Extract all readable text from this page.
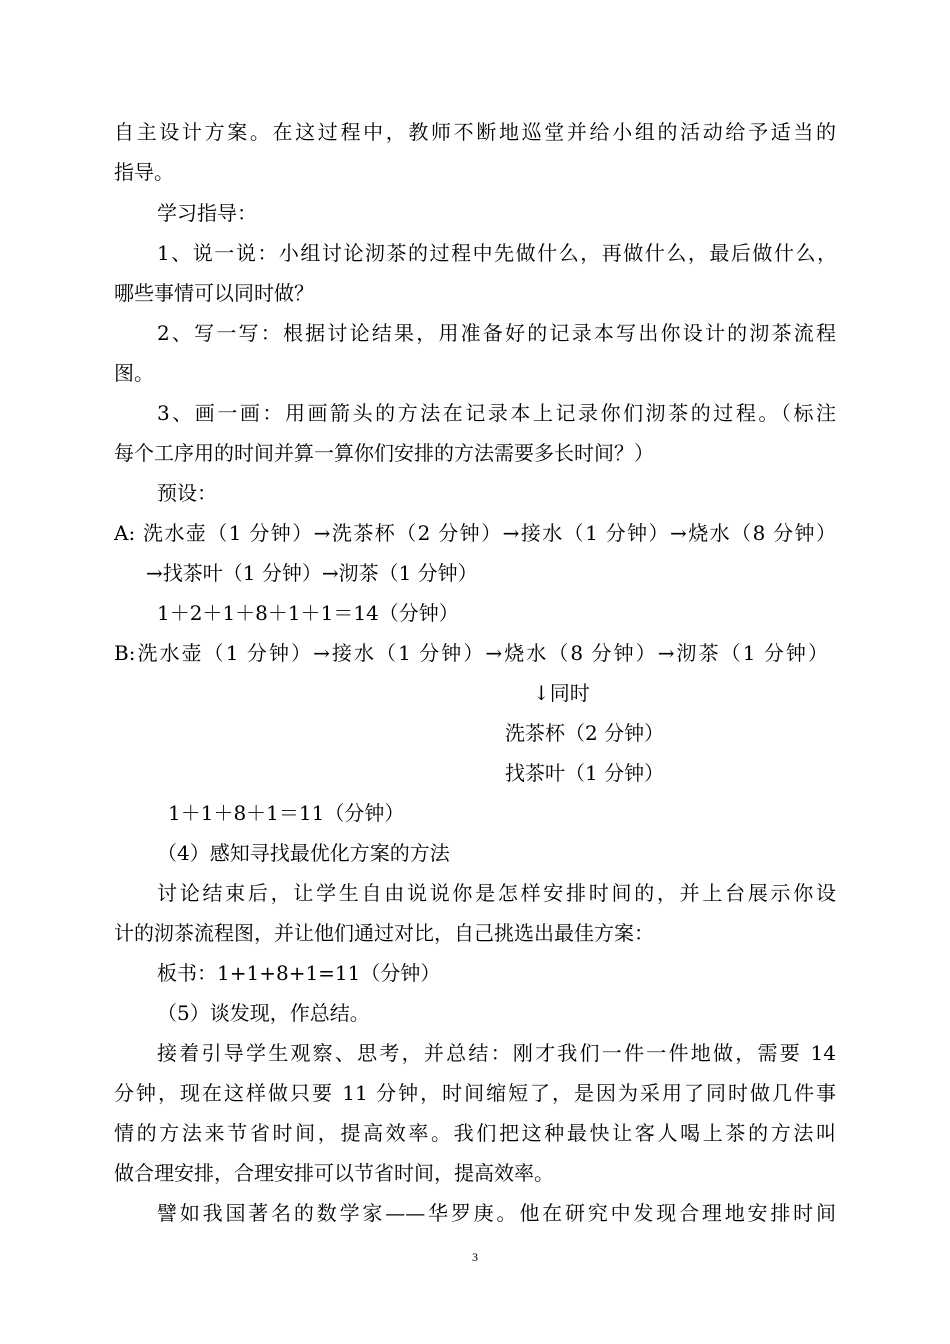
自主设计方案。在这过程中，教师不断地巡堂并给小组的活动给予适当的
指导。
学习指导：
1、说一说：小组讨论沏茶的过程中先做什么，再做什么，最后做什么，
哪些事情可以同时做？
2、写一写：根据讨论结果，用准备好的记录本写出你设计的沏茶流程
图。
3、画一画：用画箭头的方法在记录本上记录你们沏茶的过程。（标注
每个工序用的时间并算一算你们安排的方法需要多长时间？）
预设：
A: 洗水壶（1 分钟）→洗茶杯（2 分钟）→接水（1 分钟）→烧水（8 分钟）
→找茶叶（1 分钟）→沏茶（1 分钟）
1＋2＋1＋8＋1＋1＝14（分钟）
B:洗水壶（1 分钟）→接水（1 分钟）→烧水（8 分钟）→沏茶（1 分钟）
↓同时
洗茶杯（2 分钟）
找茶叶（1 分钟）
1＋1＋8＋1＝11（分钟）
（4）感知寻找最优化方案的方法
讨论结束后，让学生自由说说你是怎样安排时间的，并上台展示你设
计的沏茶流程图，并让他们通过对比，自己挑选出最佳方案：
板书：1+1+8+1=11（分钟）
（5）谈发现，作总结。
接着引导学生观察、思考，并总结：刚才我们一件一件地做，需要 14
分钟，现在这样做只要 11 分钟，时间缩短了，是因为采用了同时做几件事
情的方法来节省时间，提高效率。我们把这种最快让客人喝上茶的方法叫
做合理安排，合理安排可以节省时间，提高效率。
譬如我国著名的数学家——华罗庚。他在研究中发现合理地安排时间
3
